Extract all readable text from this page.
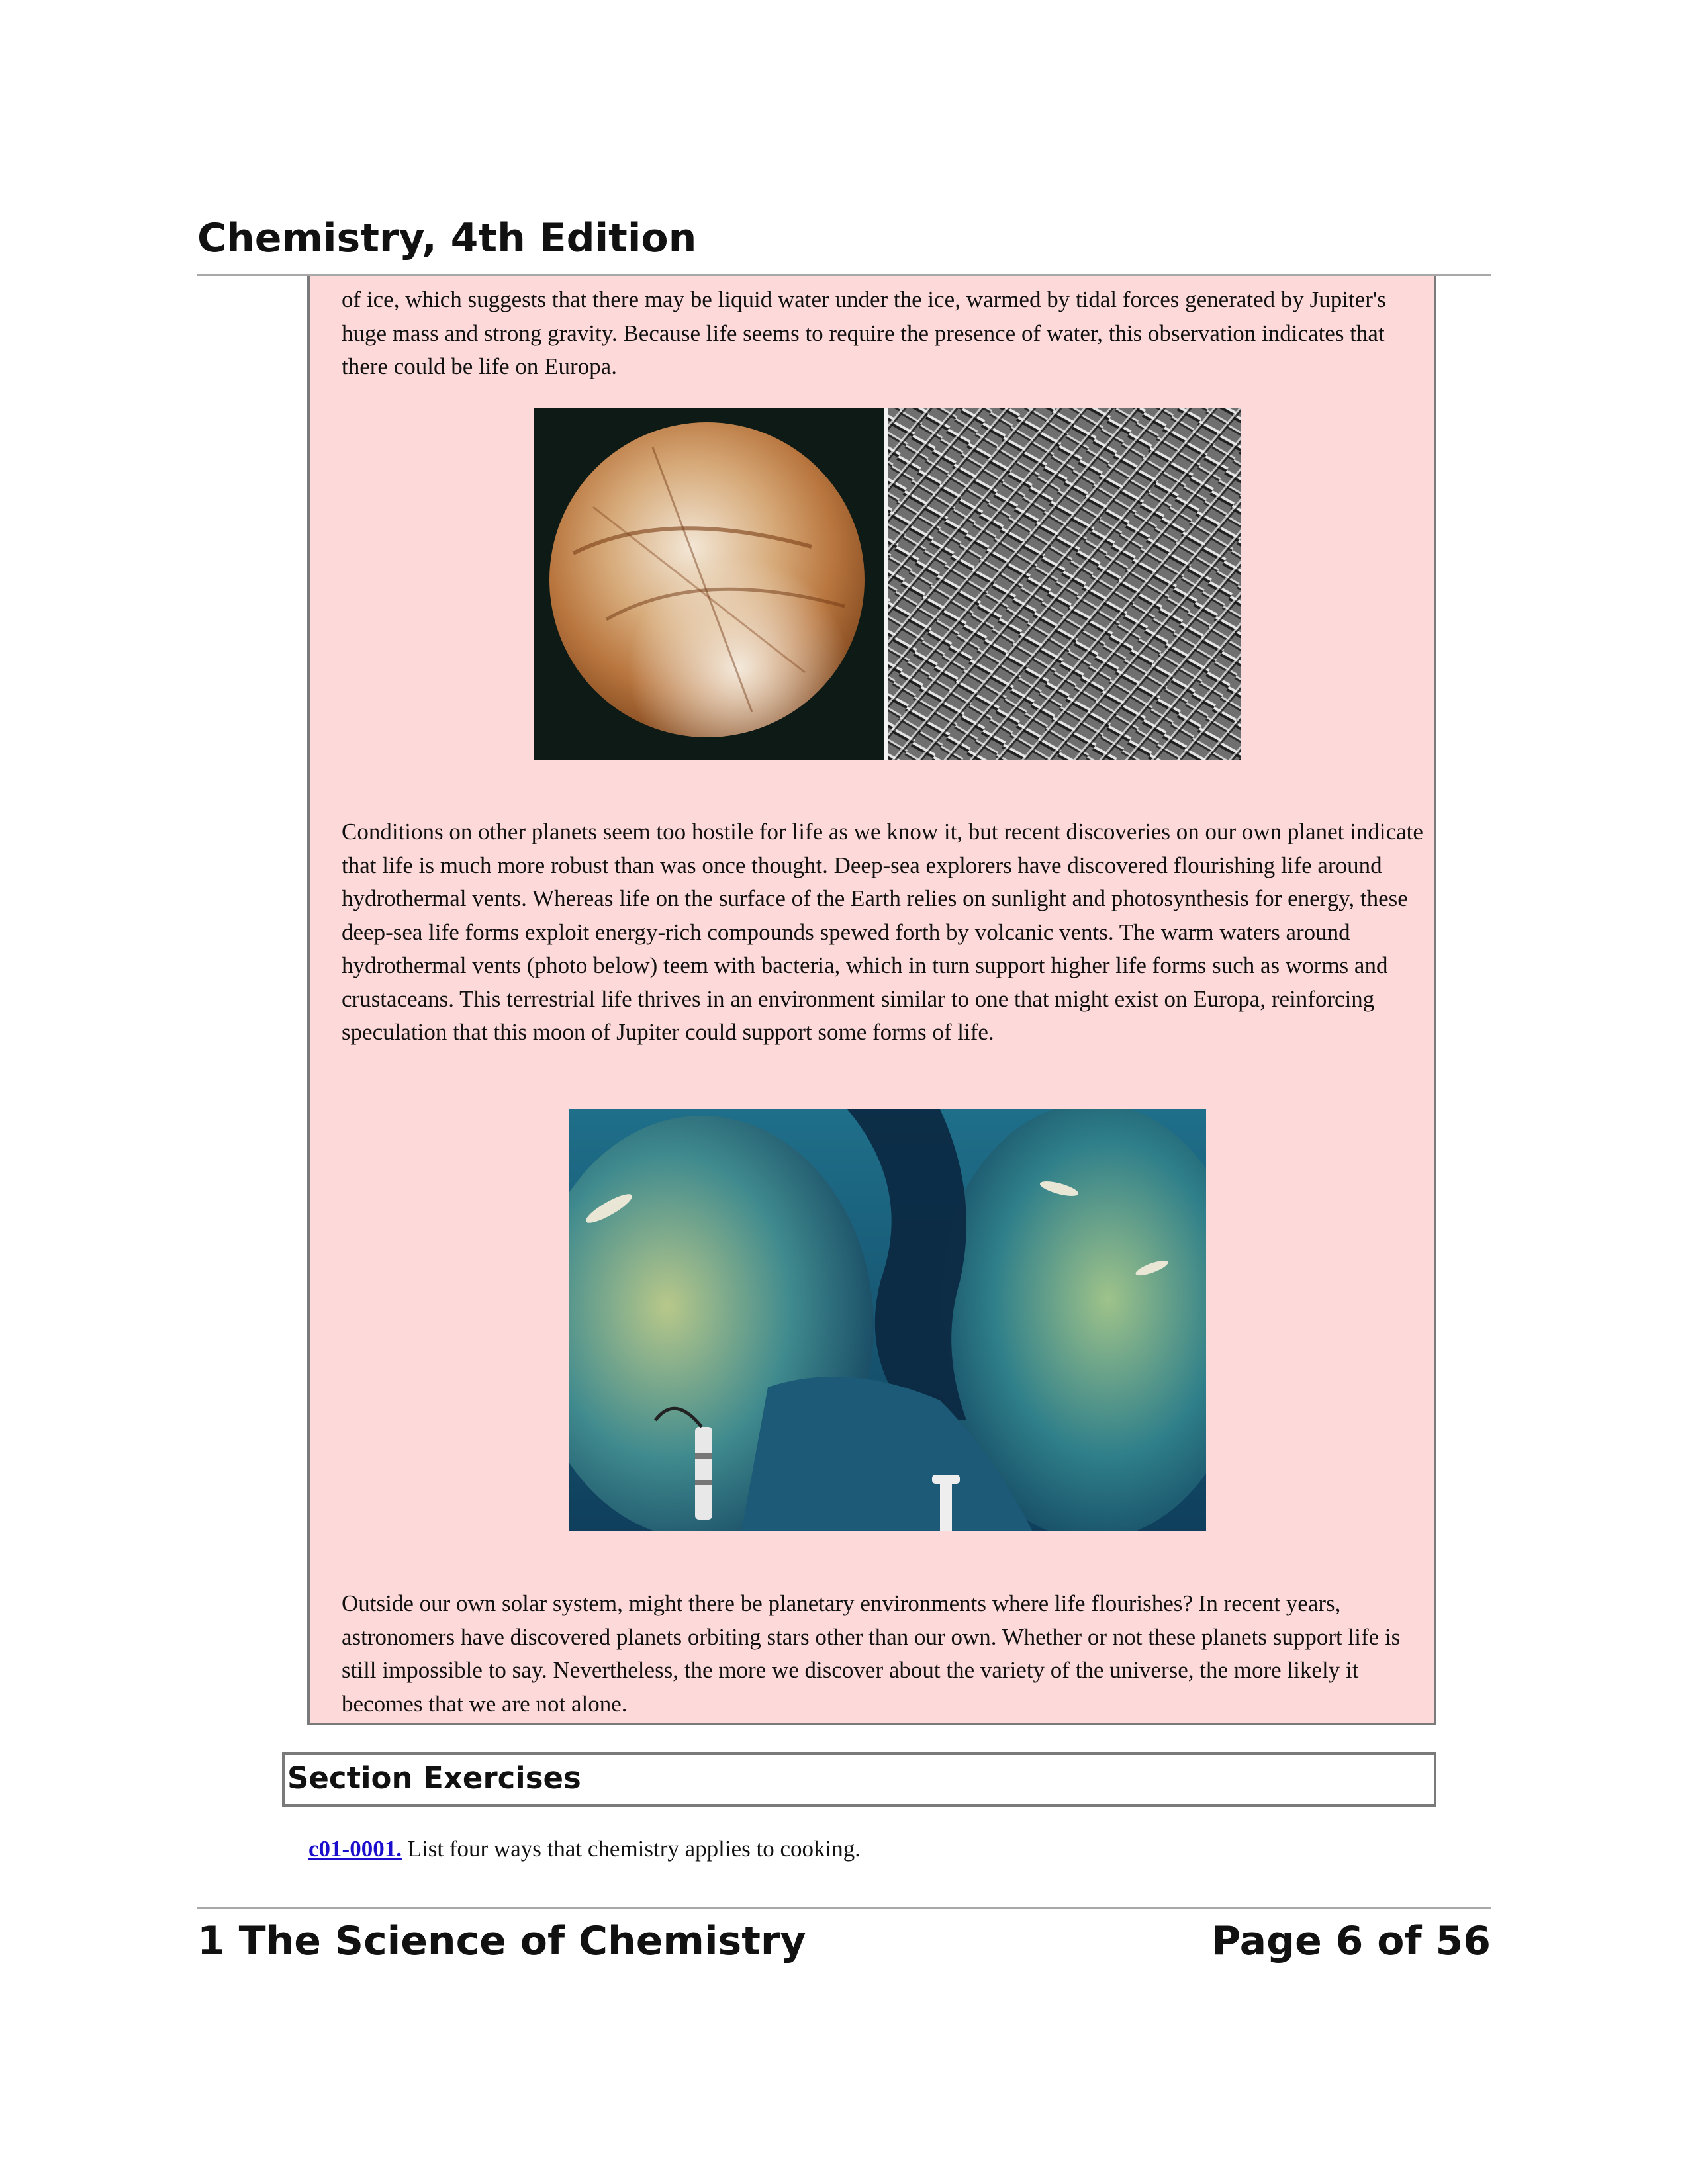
Chemistry, 4th Edition

of ice, which suggests that there may be liquid water under the ice, warmed by tidal forces generated by Jupiter's huge mass and strong gravity. Because life seems to require the presence of water, this observation indicates that there could be life on Europa.

Conditions on other planets seem too hostile for life as we know it, but recent discoveries on our own planet indicate that life is much more robust than was once thought. Deep-sea explorers have discovered flourishing life around hydrothermal vents. Whereas life on the surface of the Earth relies on sunlight and photosynthesis for energy, these deep-sea life forms exploit energy-rich compounds spewed forth by volcanic vents. The warm waters around hydrothermal vents (photo below) teem with bacteria, which in turn support higher life forms such as worms and crustaceans. This terrestrial life thrives in an environment similar to one that might exist on Europa, reinforcing speculation that this moon of Jupiter could support some forms of life.

Outside our own solar system, might there be planetary environments where life flourishes? In recent years, astronomers have discovered planets orbiting stars other than our own. Whether or not these planets support life is still impossible to say. Nevertheless, the more we discover about the variety of the universe, the more likely it becomes that we are not alone.

Section Exercises
c01-0001. List four ways that chemistry applies to cooking.
1 The Science of Chemistry	Page 6 of 56
